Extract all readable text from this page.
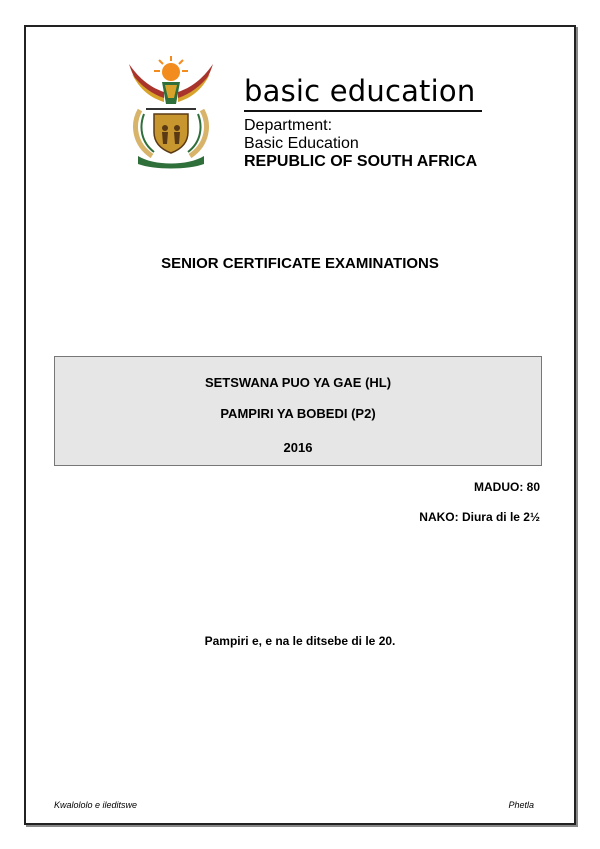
basic education
Department:
Basic Education
REPUBLIC OF SOUTH AFRICA
SENIOR CERTIFICATE EXAMINATIONS
SETSWANA PUO YA GAE (HL)
PAMPIRI YA BOBEDI (P2)
2016
MADUO: 80
NAKO: Diura di le 2½
Pampiri e, e na le ditsebe di le 20.
Kwalololo e ileditswe	Phetla
